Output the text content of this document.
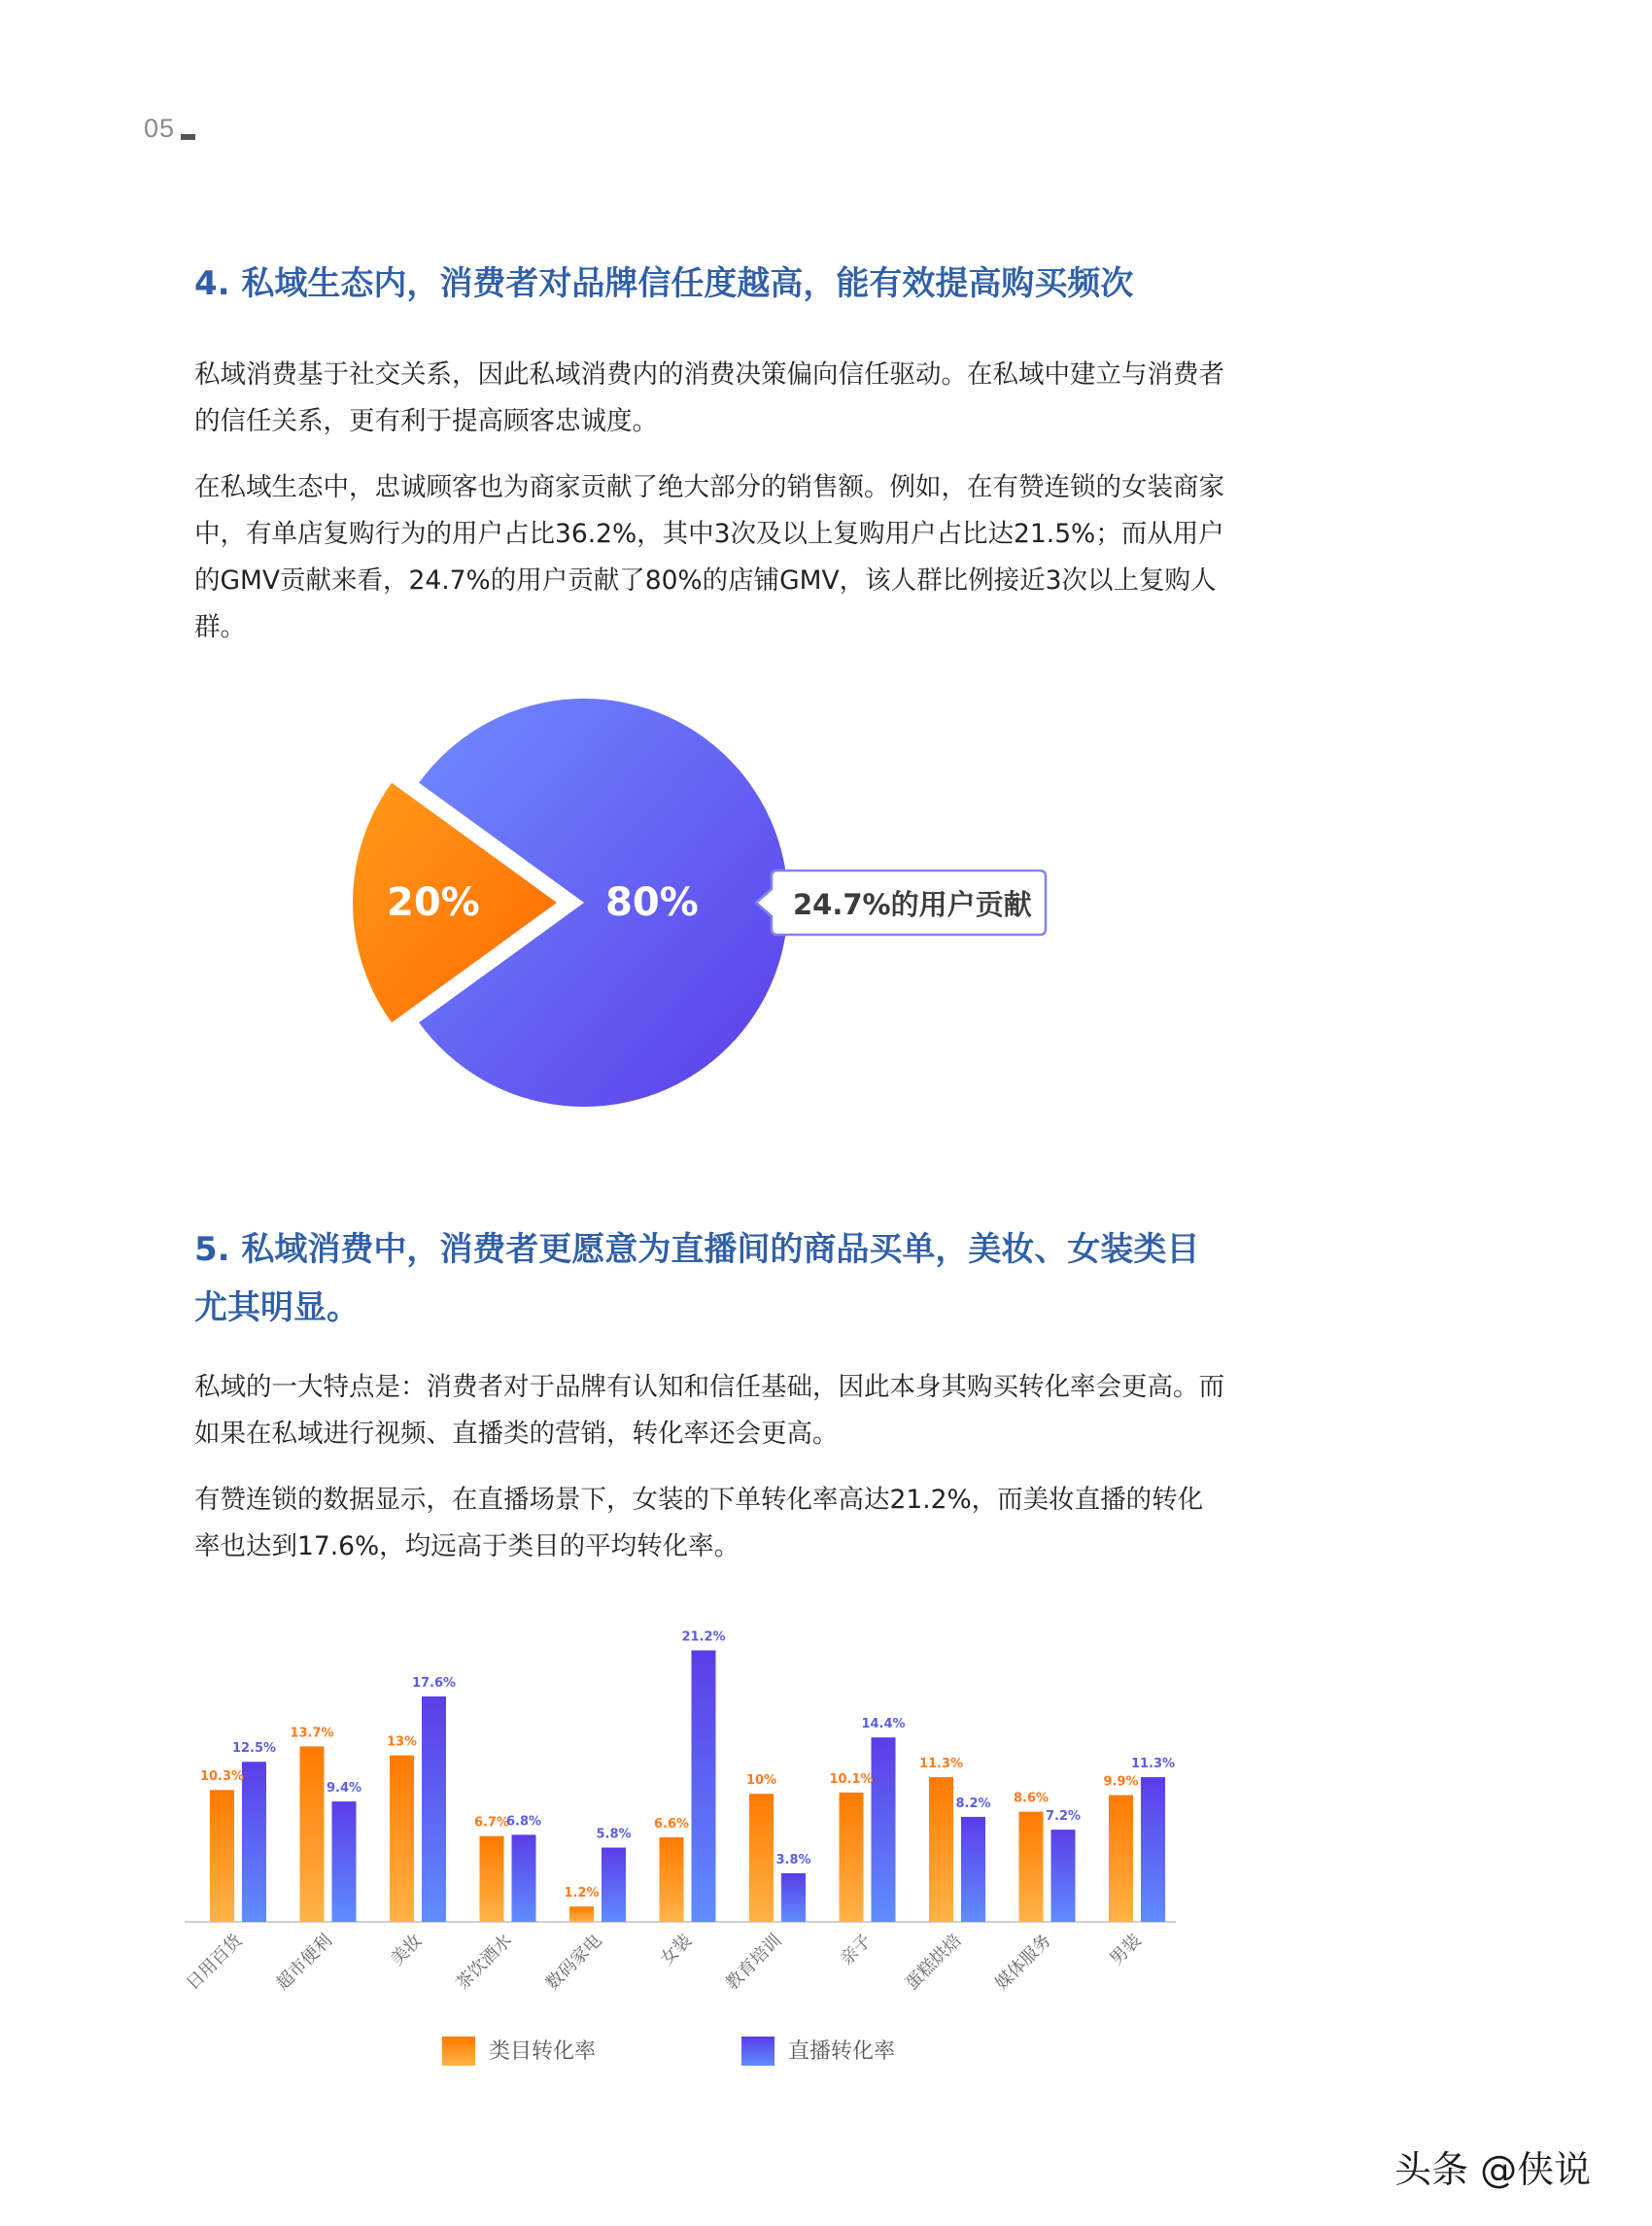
05
4. 私域生态内，消费者对品牌信任度越高，能有效提高购买频次

私域消费基于社交关系，因此私域消费内的消费决策偏向信任驱动。在私域中建立与消费者的信任关系，更有利于提高顾客忠诚度。

在私域生态中，忠诚顾客也为商家贡献了绝大部分的销售额。例如，在有赞连锁的女装商家中，有单店复购行为的用户占比36.2%，其中3次及以上复购用户占比达21.5%；而从用户的GMV贡献来看，24.7%的用户贡献了80%的店铺GMV，该人群比例接近3次以上复购人群。

20%	80%	24.7%的用户贡献
5. 私域消费中，消费者更愿意为直播间的商品买单，美妆、女装类目尤其明显。

私域的一大特点是：消费者对于品牌有认知和信任基础，因此本身其购买转化率会更高。而如果在私域进行视频、直播类的营销，转化率还会更高。

有赞连锁的数据显示，在直播场景下，女装的下单转化率高达21.2%，而美妆直播的转化率也达到17.6%，均远高于类目的平均转化率。

10.3%
12.5%
13.7%
9.4%
13%
17.6%
6.7%
6.8%
1.2%
5.8%
6.6%
21.2%
10%
3.8%
10.1%
14.4%
11.3%
8.2% 8.6%
7.2%
9.9%
11.3%
日用百货 超市便利	美妆 茶饮酒水 数码家电	女装 教育培训	亲子 蛋糕烘焙 媒体服务	男装
类目转化率	直播转化率
头条 @侠说
